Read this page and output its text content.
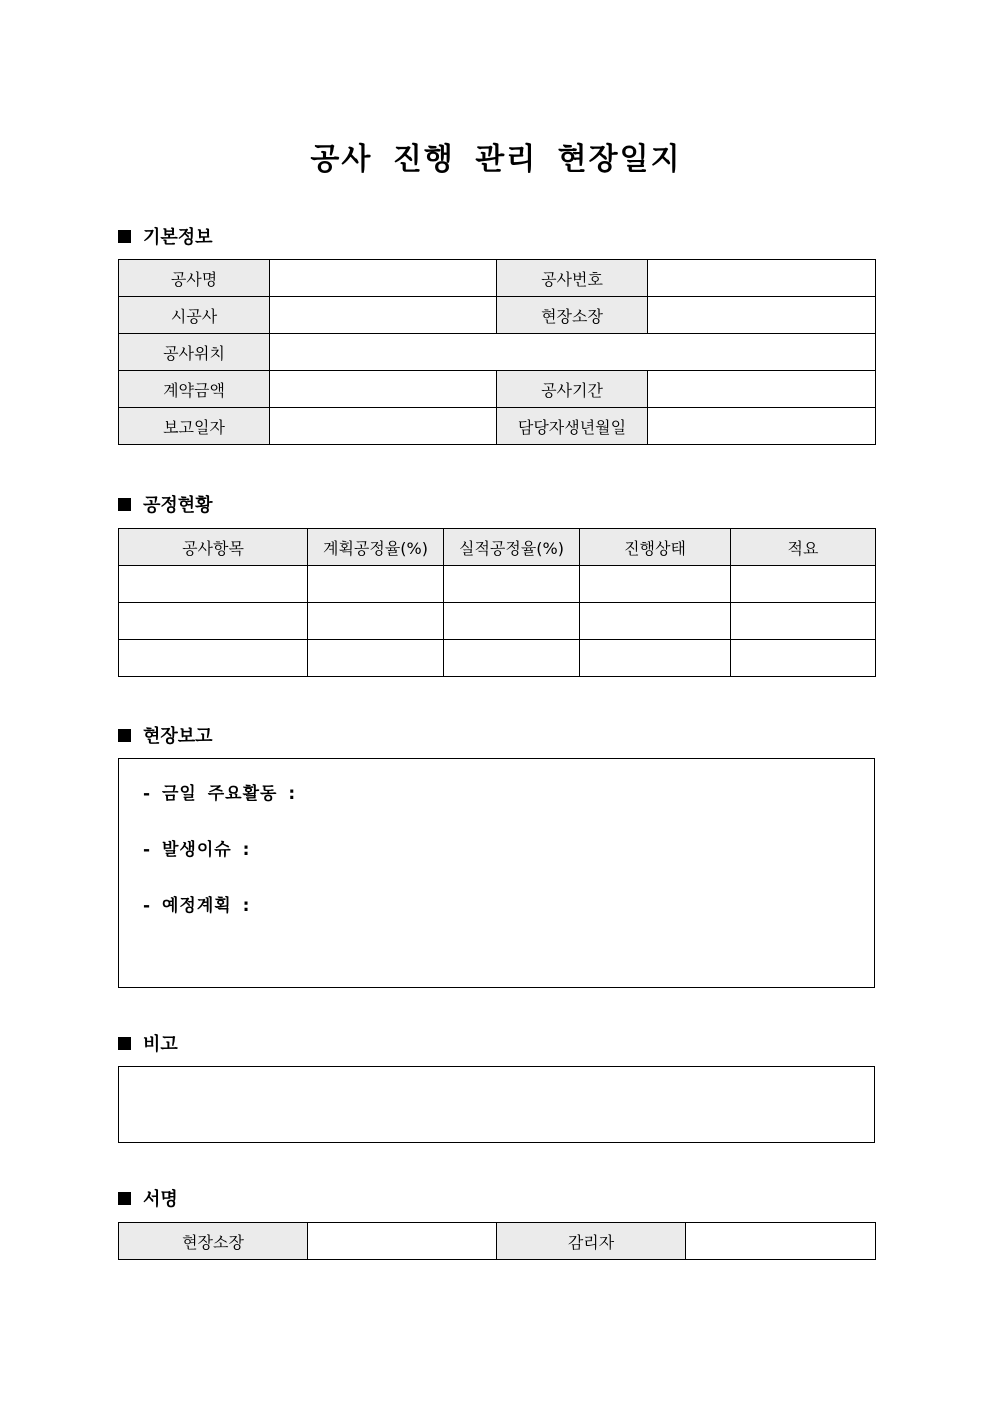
공사 진행 관리 현장일지
기본정보
공사명		공사번호	
시공사		현장소장	
공사위치			
계약금액		공사기간	
보고일자		담당자생년월일	
공정현황
공사항목	계획공정율(%)	실적공정율(%)	진행상태	적요

현장보고
- 금일 주요활동 :
- 발생이슈 :
- 예정계획 :
비고
서명
현장소장		감리자	
